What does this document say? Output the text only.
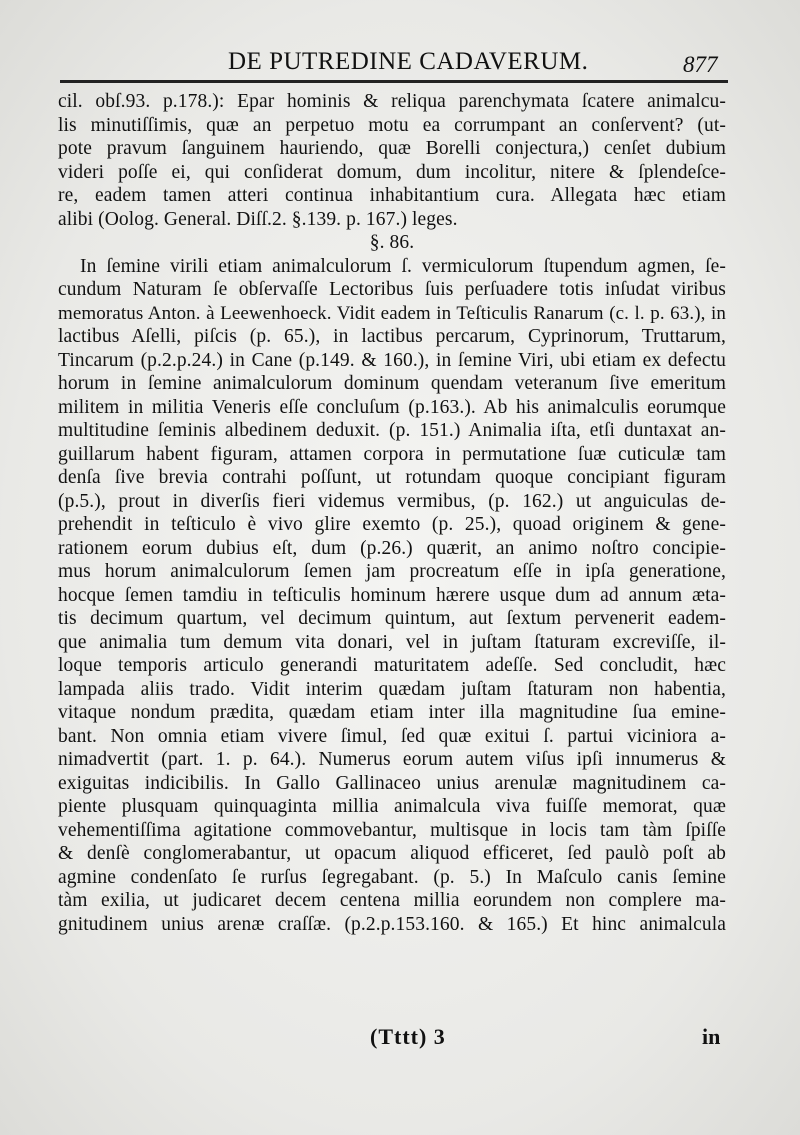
DE PUTREDINE CADAVERUM.	877
cil. obſ.93. p.178.): Epar hominis & reliqua parenchymata ſcatere animalcu-
lis minutiſſimis, quæ an perpetuo motu ea corrumpant an conſervent? (ut-
pote pravum ſanguinem hauriendo, quæ Borelli conjectura,) cenſet dubium
videri poſſe ei, qui conſiderat domum, dum incolitur, nitere & ſplendeſce-
re, eadem tamen atteri continua inhabitantium cura. Allegata hæc etiam
alibi (Oolog. General. Diſſ.2. §.139. p. 167.) leges.
§. 86.
In ſemine virili etiam animalculorum ſ. vermiculorum ſtupendum agmen, ſe-
cundum Naturam ſe obſervaſſe Lectoribus ſuis perſuadere totis inſudat viribus
memoratus Anton. à Leewenhoeck. Vidit eadem in Teſticulis Ranarum (c. l. p. 63.), in
lactibus Aſelli, piſcis (p. 65.), in lactibus percarum, Cyprinorum, Truttarum,
Tincarum (p.2.p.24.) in Cane (p.149. & 160.), in ſemine Viri, ubi etiam ex defectu
horum in ſemine animalculorum dominum quendam veteranum ſive emeritum
militem in militia Veneris eſſe concluſum (p.163.). Ab his animalculis eorumque
multitudine ſeminis albedinem deduxit. (p. 151.) Animalia iſta, etſi duntaxat an-
guillarum habent figuram, attamen corpora in permutatione ſuæ cuticulæ tam
denſa ſive brevia contrahi poſſunt, ut rotundam quoque concipiant figuram
(p.5.), prout in diverſis fieri videmus vermibus, (p. 162.) ut anguiculas de-
prehendit in teſticulo è vivo glire exemto (p. 25.), quoad originem & gene-
rationem eorum dubius eſt, dum (p.26.) quærit, an animo noſtro concipie-
mus horum animalculorum ſemen jam procreatum eſſe in ipſa generatione,
hocque ſemen tamdiu in teſticulis hominum hærere usque dum ad annum æta-
tis decimum quartum, vel decimum quintum, aut ſextum pervenerit eadem-
que animalia tum demum vita donari, vel in juſtam ſtaturam excreviſſe, il-
loque temporis articulo generandi maturitatem adeſſe. Sed concludit, hæc
lampada aliis trado. Vidit interim quædam juſtam ſtaturam non habentia,
vitaque nondum prædita, quædam etiam inter illa magnitudine ſua emine-
bant. Non omnia etiam vivere ſimul, ſed quæ exitui ſ. partui viciniora a-
nimadvertit (part. 1. p. 64.). Numerus eorum autem viſus ipſi innumerus &
exiguitas indicibilis. In Gallo Gallinaceo unius arenulæ magnitudinem ca-
piente plusquam quinquaginta millia animalcula viva fuiſſe memorat, quæ
vehementiſſima agitatione commovebantur, multisque in locis tam tàm ſpiſſe
& denſè conglomerabantur, ut opacum aliquod efficeret, ſed paulò poſt ab
agmine condenſato ſe rurſus ſegregabant. (p. 5.) In Maſculo canis ſemine
tàm exilia, ut judicaret decem centena millia eorundem non complere ma-
gnitudinem unius arenæ craſſæ. (p.2.p.153.160. & 165.) Et hinc animalcula
(Tttt) 3	in
